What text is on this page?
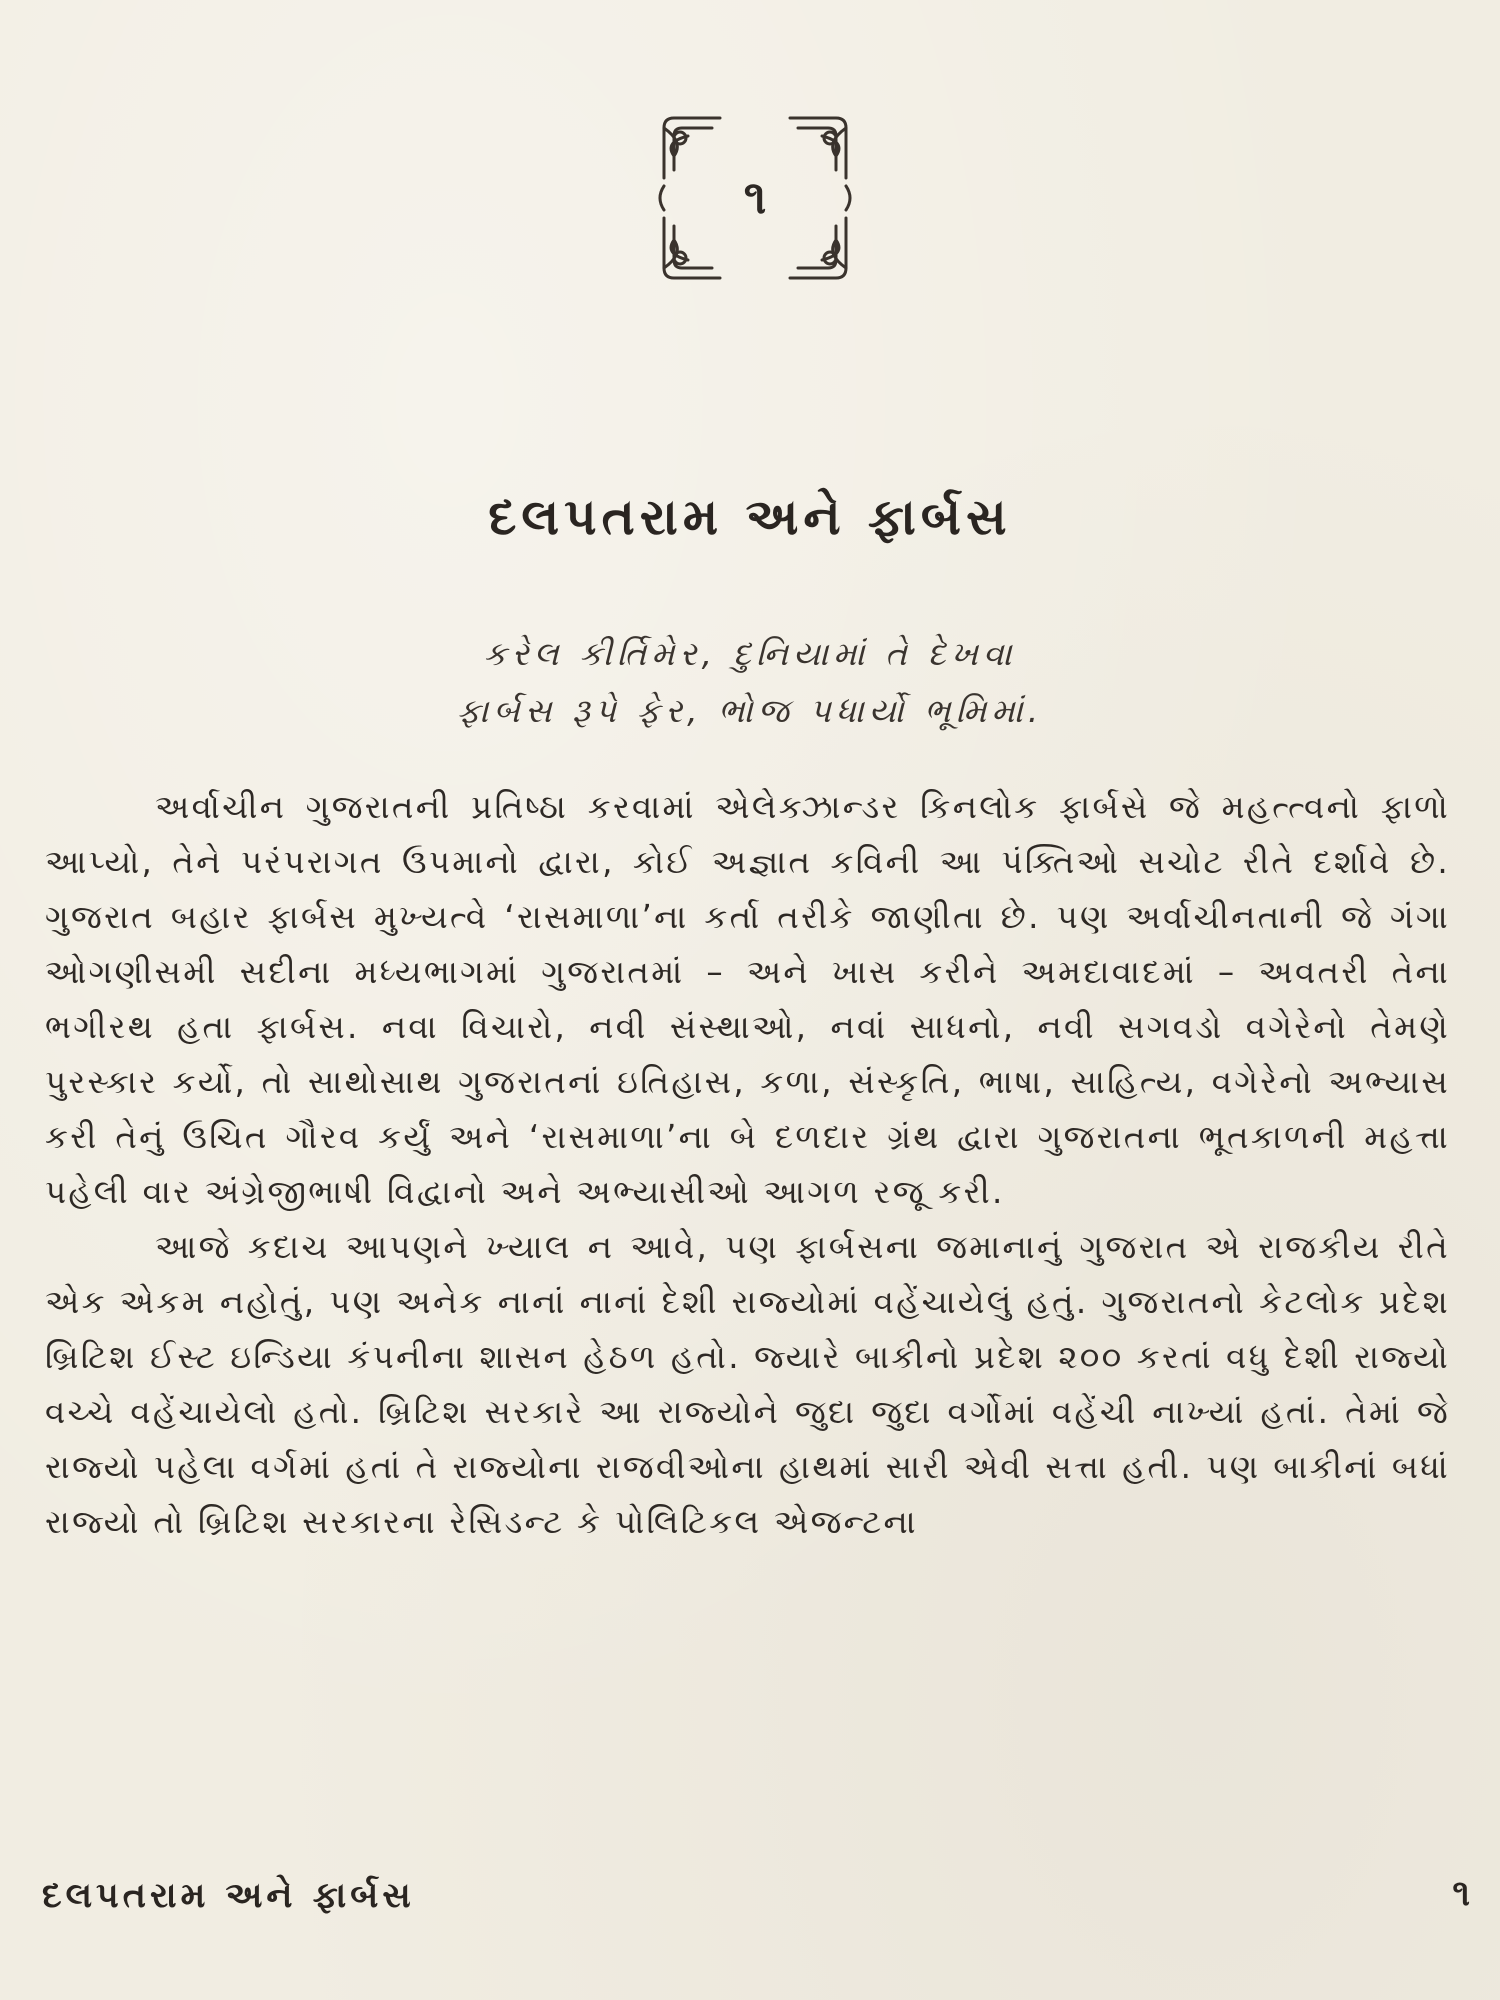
૧
દલપતરામ અને ફાર્બસ
કરેલ કીર્તિમેર, દુનિયામાં તે દેખવા
ફાર્બસ રૂપે ફેર, ભોજ પધાર્યો ભૂમિમાં.

અર્વાચીન ગુજરાતની પ્રતિષ્ઠા કરવામાં એલેક્ઝાન્ડર કિનલોક ફાર્બસે જે મહત્ત્વનો ફાળો આપ્યો, તેને પરંપરાગત ઉપમાનો દ્વારા, કોઈ અજ્ઞાત કવિની આ પંક્તિઓ સચોટ રીતે દર્શાવે છે. ગુજરાત બહાર ફાર્બસ મુખ્યત્વે ‘રાસમાળા’ના કર્તા તરીકે જાણીતા છે. પણ અર્વાચીનતાની જે ગંગા ઓગણીસમી સદીના મધ્યભાગમાં ગુજરાતમાં – અને ખાસ કરીને અમદાવાદમાં – અવતરી તેના ભગીરથ હતા ફાર્બસ. નવા વિચારો, નવી સંસ્થાઓ, નવાં સાધનો, નવી સગવડો વગેરેનો તેમણે પુરસ્કાર કર્યો, તો સાથોસાથ ગુજરાતનાં ઇતિહાસ, કળા, સંસ્કૃતિ, ભાષા, સાહિત્ય, વગેરેનો અભ્યાસ કરી તેનું ઉચિત ગૌરવ કર્યું અને ‘રાસમાળા’ના બે દળદાર ગ્રંથ દ્વારા ગુજરાતના ભૂતકાળની મહત્તા પહેલી વાર અંગ્રેજીભાષી વિદ્વાનો અને અભ્યાસીઓ આગળ રજૂ કરી.

આજે કદાચ આપણને ખ્યાલ ન આવે, પણ ફાર્બસના જમાનાનું ગુજરાત એ રાજકીય રીતે એક એકમ નહોતું, પણ અનેક નાનાં નાનાં દેશી રાજ્યોમાં વહેંચાયેલું હતું. ગુજરાતનો કેટલોક પ્રદેશ બ્રિટિશ ઈસ્ટ ઇન્ડિયા કંપનીના શાસન હેઠળ હતો. જ્યારે બાકીનો પ્રદેશ ૨૦૦ કરતાં વધુ દેશી રાજ્યો વચ્ચે વહેંચાયેલો હતો. બ્રિટિશ સરકારે આ રાજ્યોને જુદા જુદા વર્ગોમાં વહેંચી નાખ્યાં હતાં. તેમાં જે રાજ્યો પહેલા વર્ગમાં હતાં તે રાજ્યોના રાજવીઓના હાથમાં સારી એવી સત્તા હતી. પણ બાકીનાં બધાં રાજ્યો તો બ્રિટિશ સરકારના રેસિડન્ટ કે પોલિટિકલ એજન્ટના

દલપતરામ અને ફાર્બસ	૧
